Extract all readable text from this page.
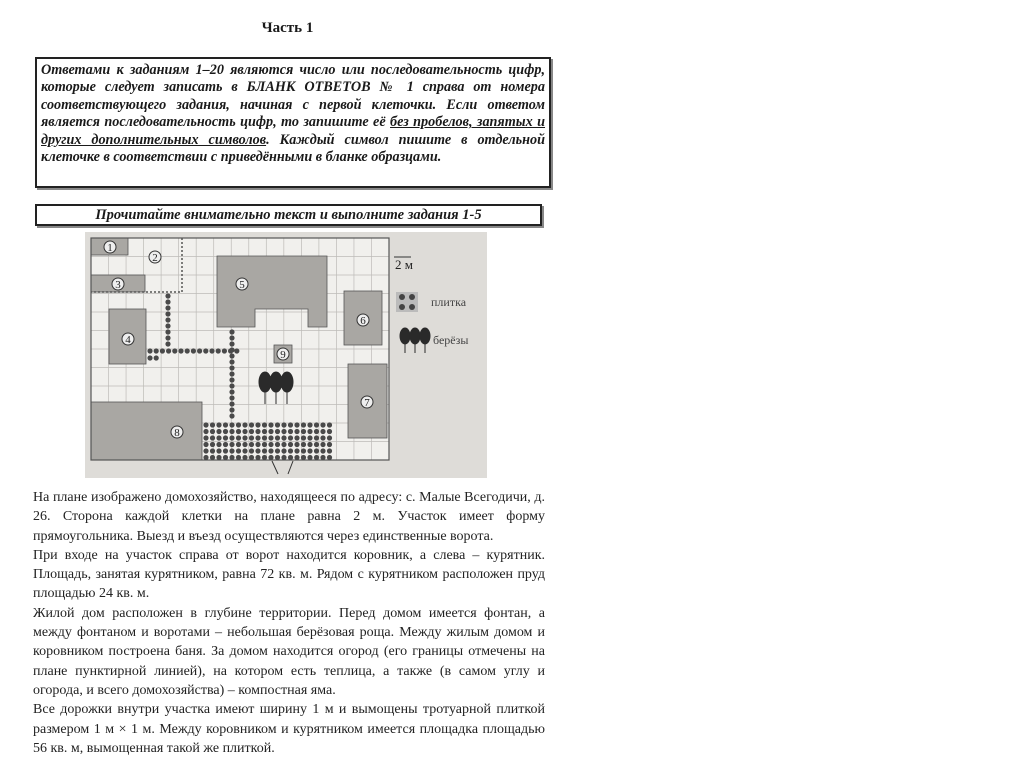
Часть 1
Ответами к заданиям 1–20 являются число или последовательность цифр, которые следует записать в БЛАНК ОТВЕТОВ № 1 справа от номера соответствующего задания, начиная с первой клеточки. Если ответом является последовательность цифр, то запишите её без пробелов, запятых и других дополнительных символов. Каждый символ пишите в отдельной клеточке в соответствии с приведёнными в бланке образцами.
Прочитайте внимательно текст и выполните задания 1-5
1
2
3
4
5
6
7
8
9
2 м
плитка
берёзы

На плане изображено домохозяйство, находящееся по адресу: с. Малые Всегодичи, д. 26. Сторона каждой клетки на плане равна 2 м. Участок имеет форму прямоугольника. Выезд и въезд осуществляются через единственные ворота.

При входе на участок справа от ворот находится коровник, а слева – курятник. Площадь, занятая курятником, равна 72 кв. м. Рядом с курятником расположен пруд площадью 24 кв. м.

Жилой дом расположен в глубине территории. Перед домом имеется фонтан, а между фонтаном и воротами – небольшая берёзовая роща. Между жилым домом и коровником построена баня. За домом находится огород (его границы отмечены на плане пунктирной линией), на котором есть теплица, а также (в самом углу и огорода, и всего домохозяйства) – компостная яма.

Все дорожки внутри участка имеют ширину 1 м и вымощены тротуарной плиткой размером 1 м × 1 м. Между коровником и курятником имеется площадка площадью 56 кв. м, вымощенная такой же плиткой.
